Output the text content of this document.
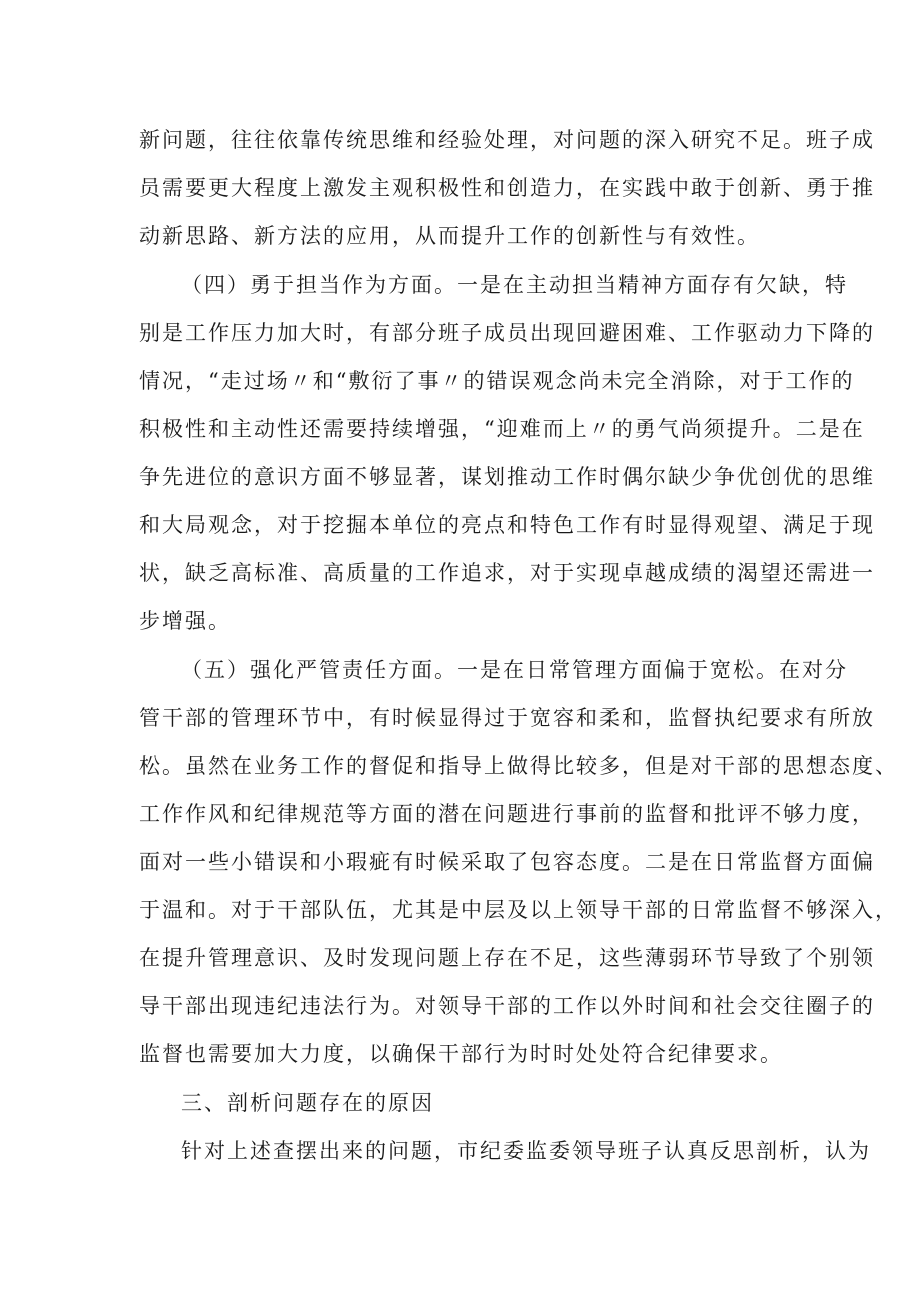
新问题，往往依靠传统思维和经验处理，对问题的深入研究不足。班子成
员需要更大程度上激发主观积极性和创造力，在实践中敢于创新、勇于推
动新思路、新方法的应用，从而提升工作的创新性与有效性。
（四）勇于担当作为方面。一是在主动担当精神方面存有欠缺，特
别是工作压力加大时，有部分班子成员出现回避困难、工作驱动力下降的
情况，“走过场〃和“敷衍了事〃的错误观念尚未完全消除，对于工作的
积极性和主动性还需要持续增强，“迎难而上〃的勇气尚须提升。二是在
争先进位的意识方面不够显著，谋划推动工作时偶尔缺少争优创优的思维
和大局观念，对于挖掘本单位的亮点和特色工作有时显得观望、满足于现
状，缺乏高标准、高质量的工作追求，对于实现卓越成绩的渴望还需进一
步增强。
（五）强化严管责任方面。一是在日常管理方面偏于宽松。在对分
管干部的管理环节中，有时候显得过于宽容和柔和，监督执纪要求有所放
松。虽然在业务工作的督促和指导上做得比较多，但是对干部的思想态度、
工作作风和纪律规范等方面的潜在问题进行事前的监督和批评不够力度，
面对一些小错误和小瑕疵有时候采取了包容态度。二是在日常监督方面偏
于温和。对于干部队伍，尤其是中层及以上领导干部的日常监督不够深入，
在提升管理意识、及时发现问题上存在不足，这些薄弱环节导致了个别领
导干部出现违纪违法行为。对领导干部的工作以外时间和社会交往圈子的
监督也需要加大力度，以确保干部行为时时处处符合纪律要求。
三、剖析问题存在的原因
针对上述查摆出来的问题，市纪委监委领导班子认真反思剖析，认为
